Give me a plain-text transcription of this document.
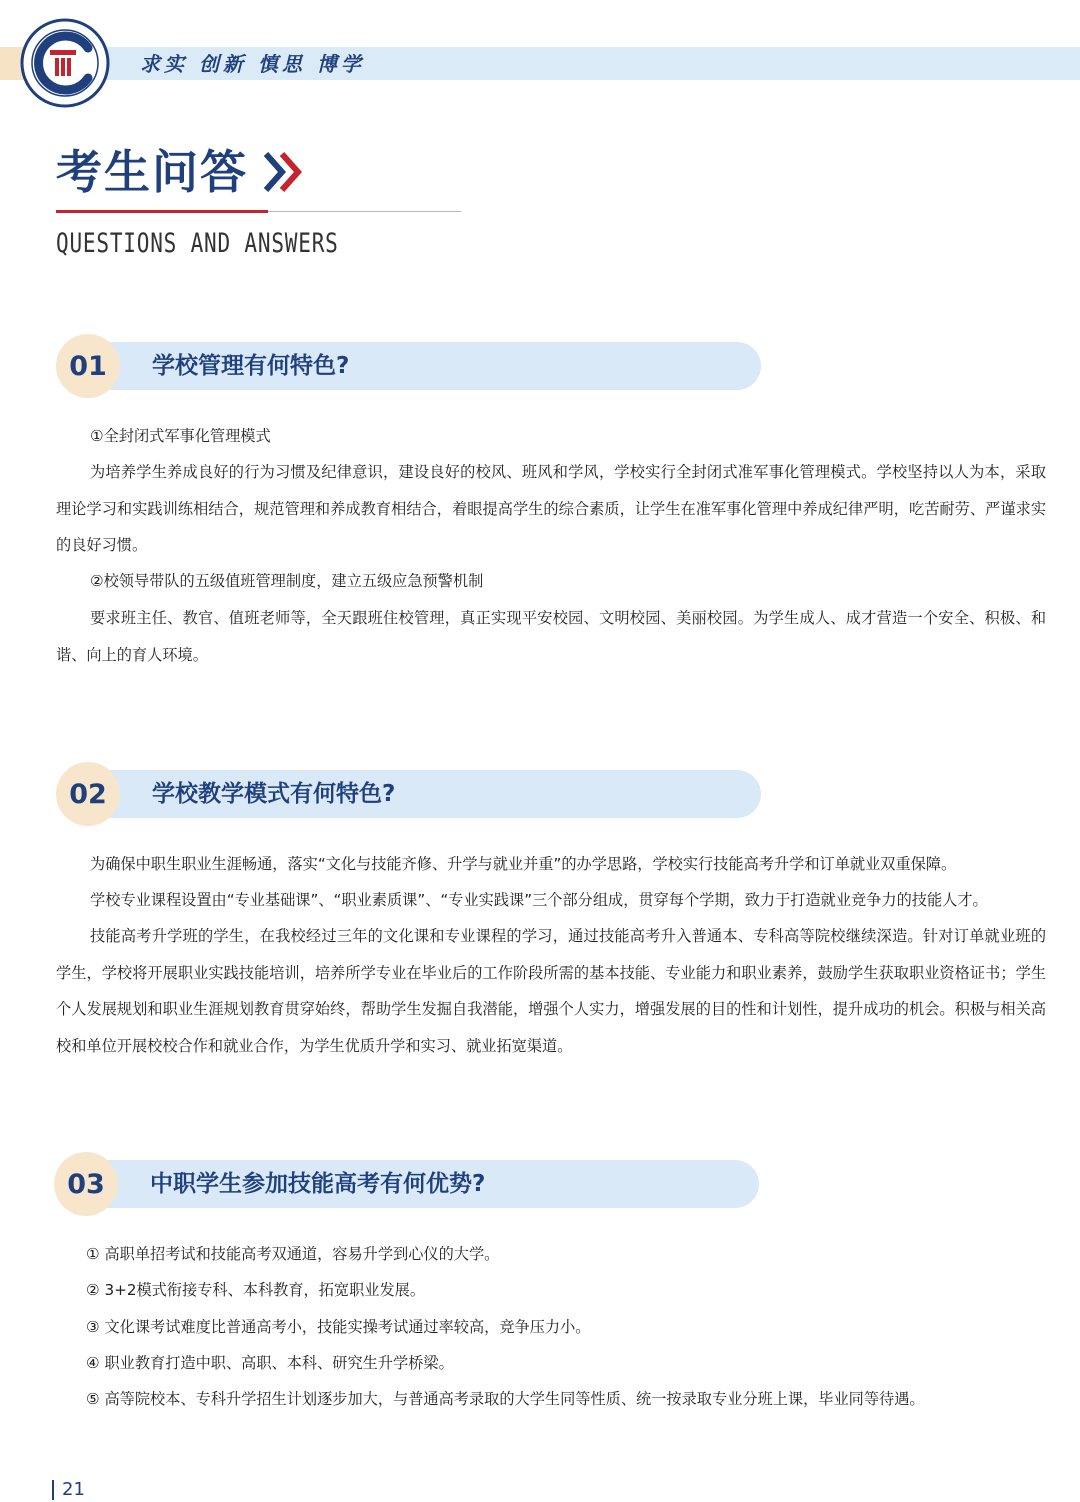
求实 创新 慎思 博学
考生问答
QUESTIONS AND ANSWERS
01	学校管理有何特色?
①全封闭式军事化管理模式

为培养学生养成良好的行为习惯及纪律意识，建设良好的校风、班风和学风，学校实行全封闭式准军事化管理模式。学校坚持以人为本，采取理论学习和实践训练相结合，规范管理和养成教育相结合，着眼提高学生的综合素质，让学生在准军事化管理中养成纪律严明，吃苦耐劳、严谨求实的良好习惯。

②校领导带队的五级值班管理制度，建立五级应急预警机制

要求班主任、教官、值班老师等，全天跟班住校管理，真正实现平安校园、文明校园、美丽校园。为学生成人、成才营造一个安全、积极、和谐、向上的育人环境。

02	学校教学模式有何特色?
为确保中职生职业生涯畅通，落实“文化与技能齐修、升学与就业并重”的办学思路，学校实行技能高考升学和订单就业双重保障。
学校专业课程设置由“专业基础课”、“职业素质课”、“专业实践课”三个部分组成，贯穿每个学期，致力于打造就业竞争力的技能人才。

技能高考升学班的学生，在我校经过三年的文化课和专业课程的学习，通过技能高考升入普通本、专科高等院校继续深造。针对订单就业班的学生，学校将开展职业实践技能培训，培养所学专业在毕业后的工作阶段所需的基本技能、专业能力和职业素养，鼓励学生获取职业资格证书；学生个人发展规划和职业生涯规划教育贯穿始终，帮助学生发掘自我潜能，增强个人实力，增强发展的目的性和计划性，提升成功的机会。积极与相关高校和单位开展校校合作和就业合作，为学生优质升学和实习、就业拓宽渠道。

03	中职学生参加技能高考有何优势?
① 高职单招考试和技能高考双通道，容易升学到心仪的大学。
② 3+2模式衔接专科、本科教育，拓宽职业发展。
③ 文化课考试难度比普通高考小，技能实操考试通过率较高，竞争压力小。
④ 职业教育打造中职、高职、本科、研究生升学桥梁。
⑤ 高等院校本、专科升学招生计划逐步加大，与普通高考录取的大学生同等性质、统一按录取专业分班上课，毕业同等待遇。
21
